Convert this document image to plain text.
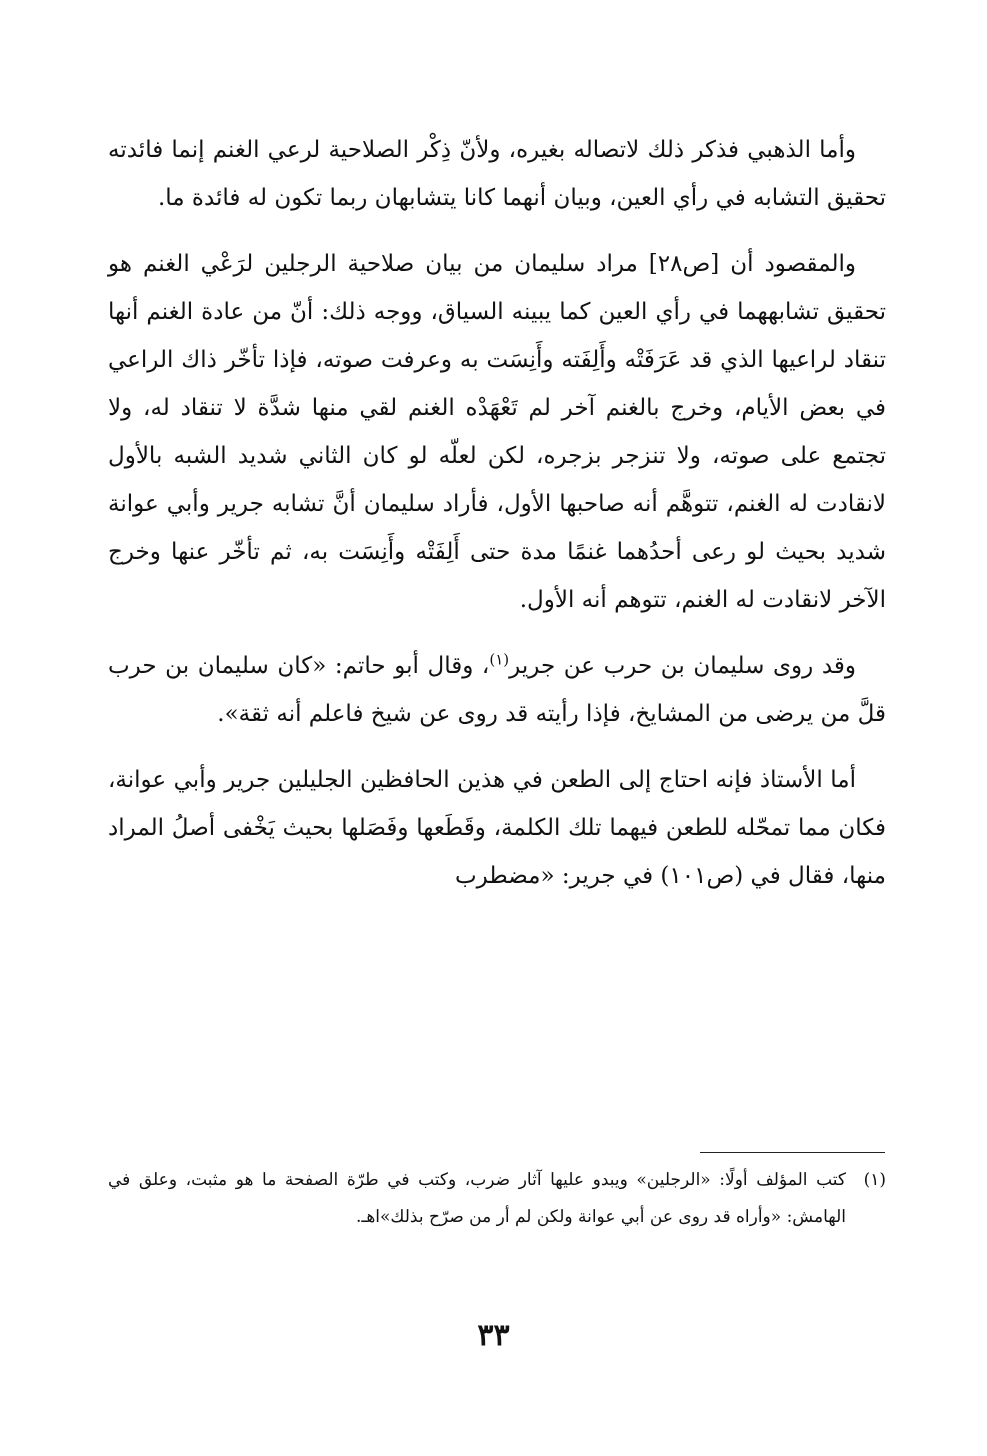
وأما الذهبي فذكر ذلك لاتصاله بغيره، ولأنّ ذِكْر الصلاحية لرعي الغنم إنما فائدته تحقيق التشابه في رأي العين، وبيان أنهما كانا يتشابهان ربما تكون له فائدة ما.

والمقصود أن [ص٢٨] مراد سليمان من بيان صلاحية الرجلين لرَعْي الغنم هو تحقيق تشابههما في رأي العين كما يبينه السياق، ووجه ذلك: أنّ من عادة الغنم أنها تنقاد لراعيها الذي قد عَرَفَتْه وأَلِفَته وأَنِسَت به وعرفت صوته، فإذا تأخّر ذاك الراعي في بعض الأيام، وخرج بالغنم آخر لم تَعْهَدْه الغنم لقي منها شدَّة لا تنقاد له، ولا تجتمع على صوته، ولا تنزجر بزجره، لكن لعلّه لو كان الثاني شديد الشبه بالأول لانقادت له الغنم، تتوهَّم أنه صاحبها الأول، فأراد سليمان أنَّ تشابه جرير وأبي عوانة شديد بحيث لو رعى أحدُهما غنمًا مدة حتى أَلِفَتْه وأَنِسَت به، ثم تأخّر عنها وخرج الآخر لانقادت له الغنم، تتوهم أنه الأول.

وقد روى سليمان بن حرب عن جرير$^{(١)}$، وقال أبو حاتم: «كان سليمان بن حرب قلَّ من يرضى من المشايخ، فإذا رأيته قد روى عن شيخ فاعلم أنه ثقة».

أما الأستاذ فإنه احتاج إلى الطعن في هذين الحافظين الجليلين جرير وأبي عوانة، فكان مما تمحّله للطعن فيهما تلك الكلمة، وقَطَعها وفَصَلها بحيث يَخْفى أصلُ المراد منها، فقال في (ص١٠١) في جرير: «مضطرب

(١)
كتب المؤلف أولًا: «الرجلين» ويبدو عليها آثار ضرب، وكتب في طرّة الصفحة ما هو مثبت، وعلق في الهامش: «وأراه قد روى عن أبي عوانة ولكن لم أر من صرّح بذلك»اهـ.

٣٣
